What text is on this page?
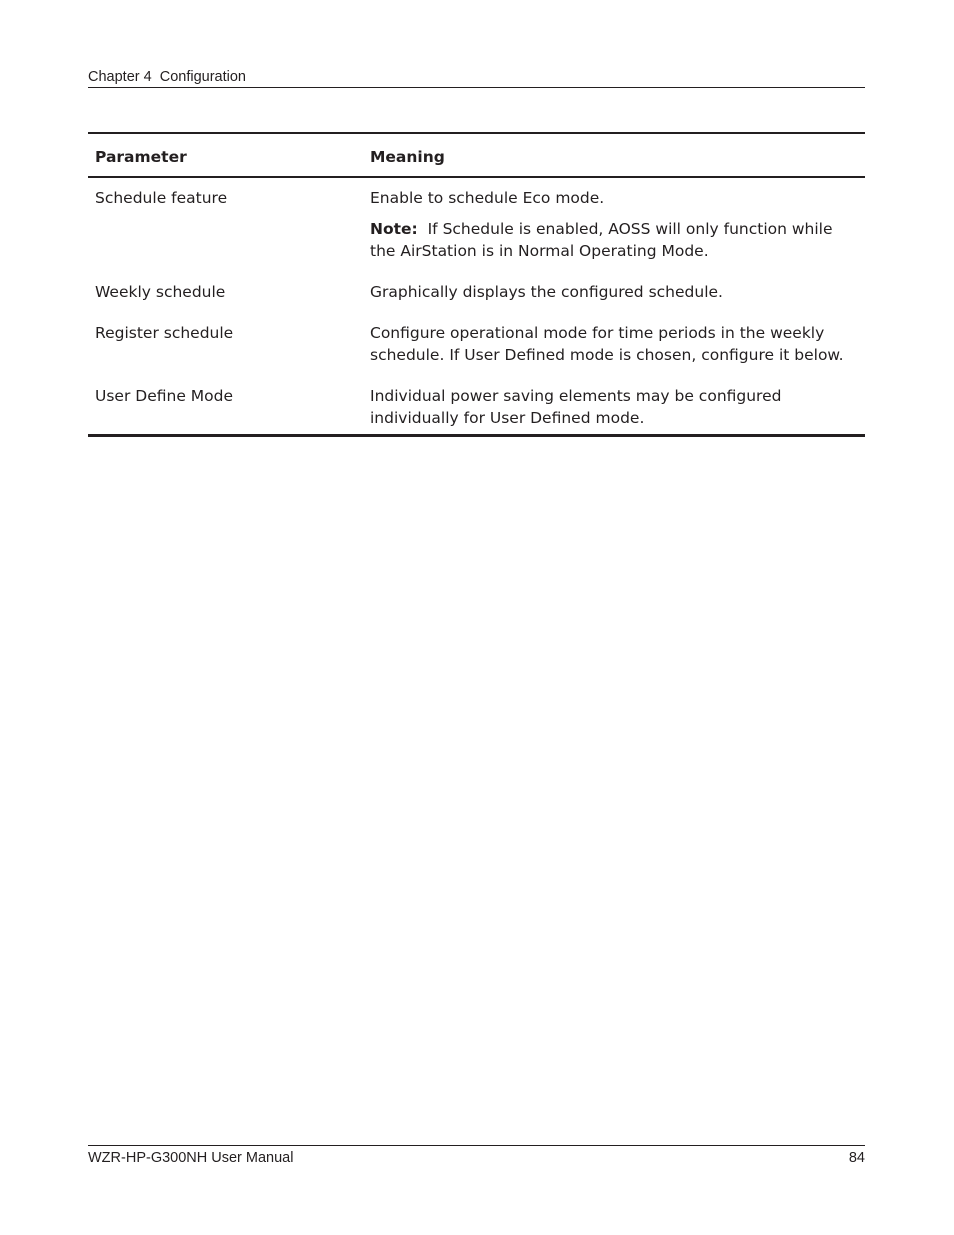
Chapter 4  Configuration
Parameter	Meaning
Schedule feature	Enable to schedule Eco mode.
Note: If Schedule is enabled, AOSS will only function while the AirStation is in Normal Operating Mode.
Weekly schedule	Graphically displays the configured schedule.
Register schedule	Configure operational mode for time periods in the weekly schedule. If User Defined mode is chosen, configure it below.
User Define Mode	Individual power saving elements may be configured individually for User Defined mode.
WZR-HP-G300NH User Manual	84
